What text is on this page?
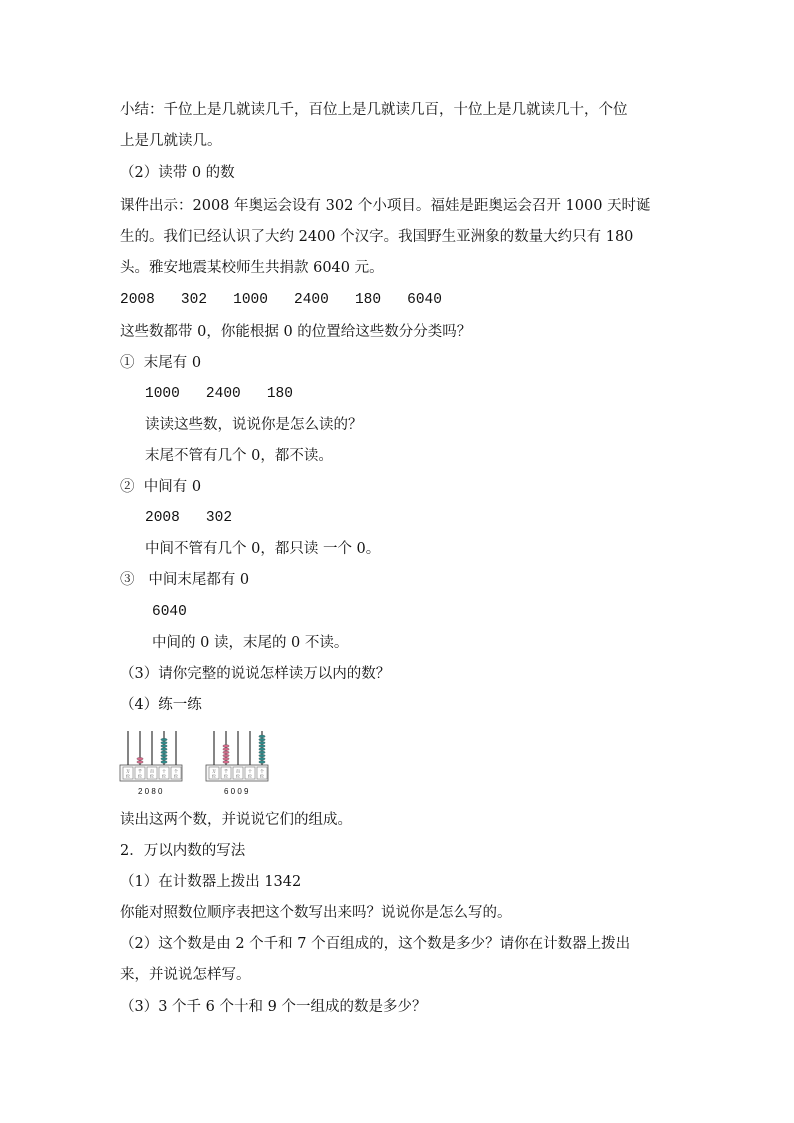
小结：千位上是几就读几千，百位上是几就读几百，十位上是几就读几十，个位
上是几就读几。
（2）读带 0 的数
课件出示：2008 年奥运会设有 302 个小项目。福娃是距奥运会召开 1000 天时诞
生的。我们已经认识了大约 2400 个汉字。我国野生亚洲象的数量大约只有 180
头。雅安地震某校师生共捐款 6040 元。
2008   302   1000   2400   180   6040
这些数都带 0，你能根据 0 的位置给这些数分分类吗？
①  末尾有 0
1000   2400   180
读读这些数，说说你是怎么读的？
末尾不管有几个 0，都不读。
②  中间有 0
2008   302
中间不管有几个 0，都只读 一个 0。
③   中间末尾都有 0
6040
中间的 0 读，末尾的 0 不读。
（3）请你完整的说说怎样读万以内的数？
（4）练一练
万
位
千
位
百
位
十
位
个
位
2 0 8 0
万
位
千
位
百
位
十
位
个
位
6 0 0 9
读出这两个数，并说说它们的组成。
2．万以内数的写法
（1）在计数器上拨出 1342
你能对照数位顺序表把这个数写出来吗？说说你是怎么写的。
（2）这个数是由 2 个千和 7 个百组成的，这个数是多少？请你在计数器上拨出
来，并说说怎样写。
（3）3 个千 6 个十和 9 个一组成的数是多少？
